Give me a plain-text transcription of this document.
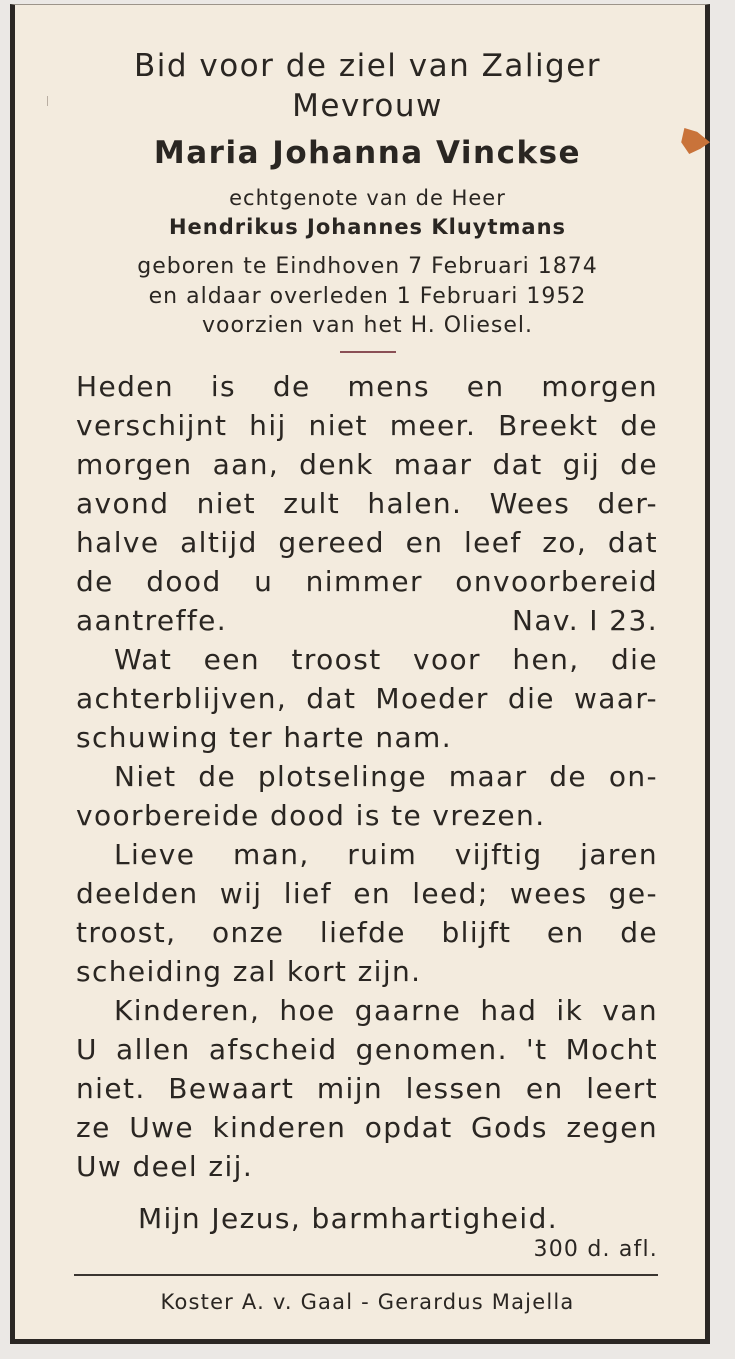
Bid voor de ziel van Zaliger
Mevrouw
Maria Johanna Vinckse
echtgenote van de Heer
Hendrikus Johannes Kluytmans
geboren te Eindhoven 7 Februari 1874
en aldaar overleden 1 Februari 1952
voorzien van het H. Oliesel.
Heden is de mens en morgen
verschijnt hij niet meer. Breekt de
morgen aan, denk maar dat gij de
avond niet zult halen. Wees der-
halve altijd gereed en leef zo, dat
de dood u nimmer onvoorbereid
aantreffe.	Nav. I 23.
Wat een troost voor hen, die
achterblijven, dat Moeder die waar-
schuwing ter harte nam.
Niet de plotselinge maar de on-
voorbereide dood is te vrezen.
Lieve man, ruim vijftig jaren
deelden wij lief en leed; wees ge-
troost, onze liefde blijft en de
scheiding zal kort zijn.
Kinderen, hoe gaarne had ik van
U allen afscheid genomen. 't Mocht
niet. Bewaart mijn lessen en leert
ze Uwe kinderen opdat Gods zegen
Uw deel zij.
Mijn Jezus, barmhartigheid.
300 d. afl.
Koster A. v. Gaal - Gerardus Majella
